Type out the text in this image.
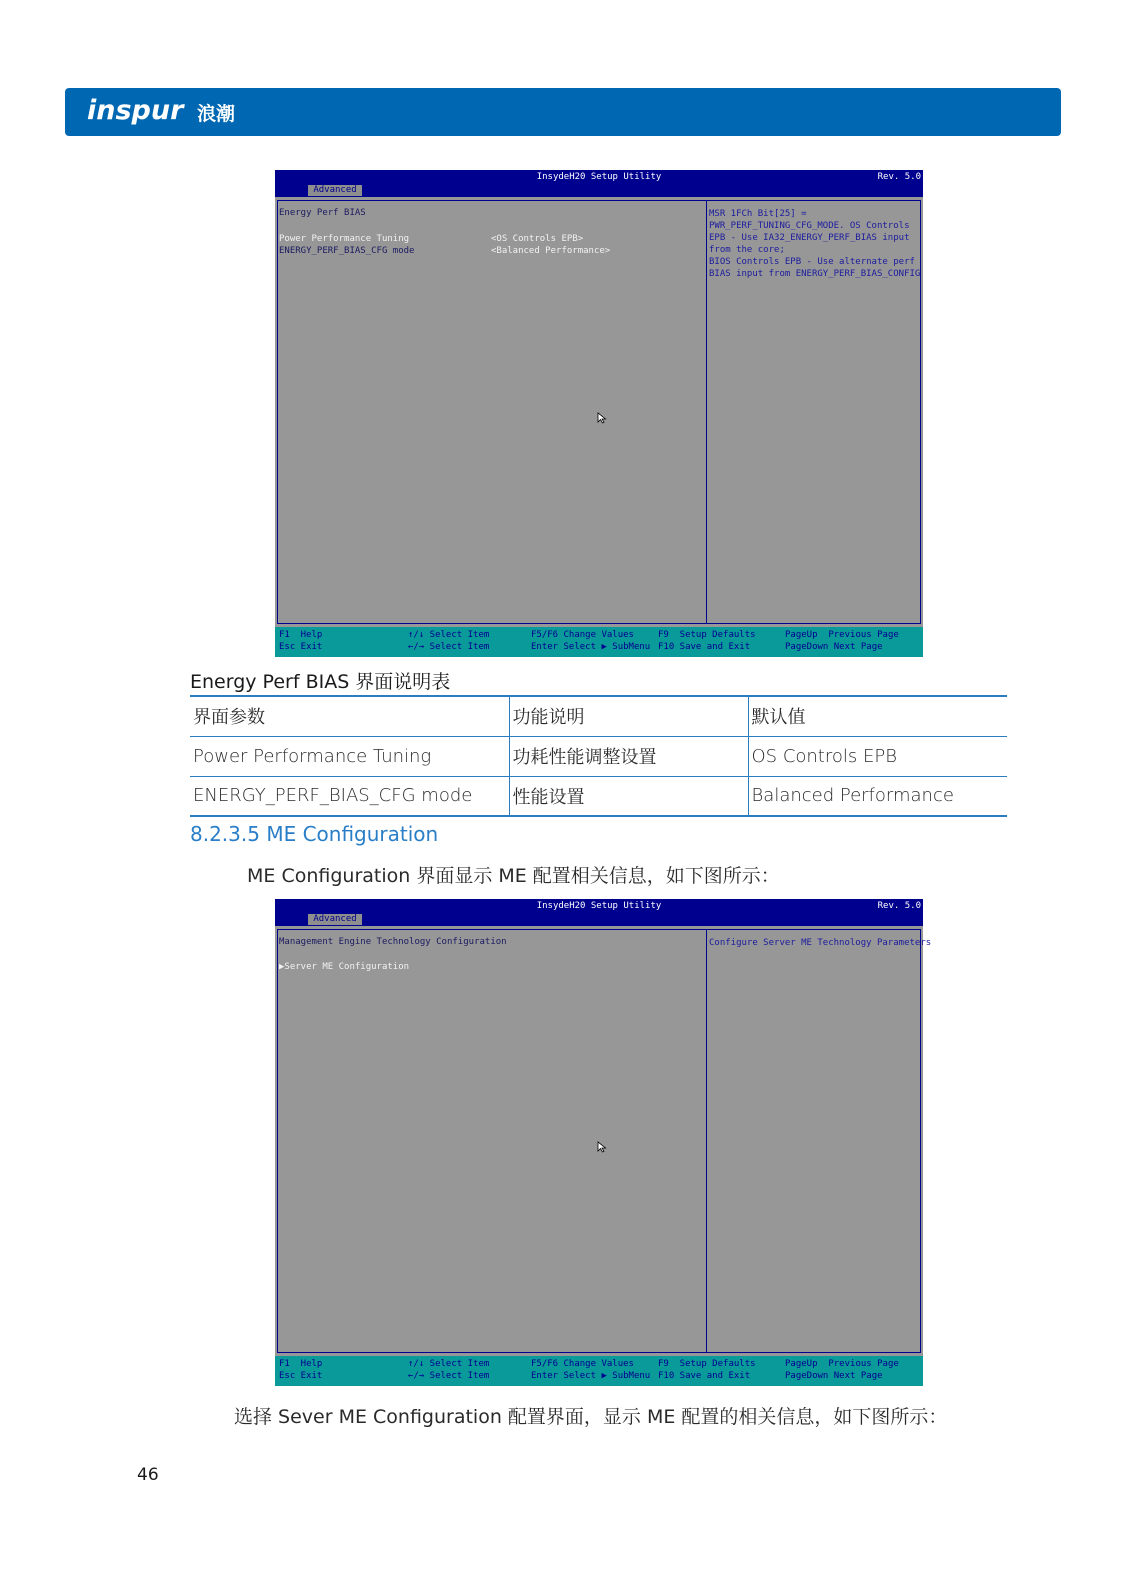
inspur 浪潮
InsydeH20 Setup Utility	Rev. 5.0
Advanced
Energy Perf BIAS
Power Performance Tuning	<OS Controls EPB>
ENERGY_PERF_BIAS_CFG mode	<Balanced Performance>
MSR 1FCh Bit[25] =
PWR_PERF_TUNING_CFG_MODE. OS Controls
EPB - Use IA32_ENERGY_PERF_BIAS input
from the core;
BIOS Controls EPB - Use alternate perf
BIAS input from ENERGY_PERF_BIAS_CONFIG
F1  Help
Esc Exit
↑/↓ Select Item
←/→ Select Item
F5/F6 Change Values
Enter Select ▶ SubMenu
F9  Setup Defaults
F10 Save and Exit
PageUp  Previous Page
PageDown Next Page
Energy Perf BIAS 界面说明表
界面参数	功能说明	默认值
Power Performance Tuning	功耗性能调整设置	OS Controls EPB
ENERGY_PERF_BIAS_CFG mode	性能设置	Balanced Performance
8.2.3.5 ME Configuration
ME Configuration 界面显示 ME 配置相关信息，如下图所示：
InsydeH20 Setup Utility	Rev. 5.0
Advanced
Management Engine Technology Configuration
▶Server ME Configuration
Configure Server ME Technology Parameters
F1  Help
Esc Exit
↑/↓ Select Item
←/→ Select Item
F5/F6 Change Values
Enter Select ▶ SubMenu
F9  Setup Defaults
F10 Save and Exit
PageUp  Previous Page
PageDown Next Page
选择 Sever ME Configuration 配置界面，显示 ME 配置的相关信息，如下图所示：
46
